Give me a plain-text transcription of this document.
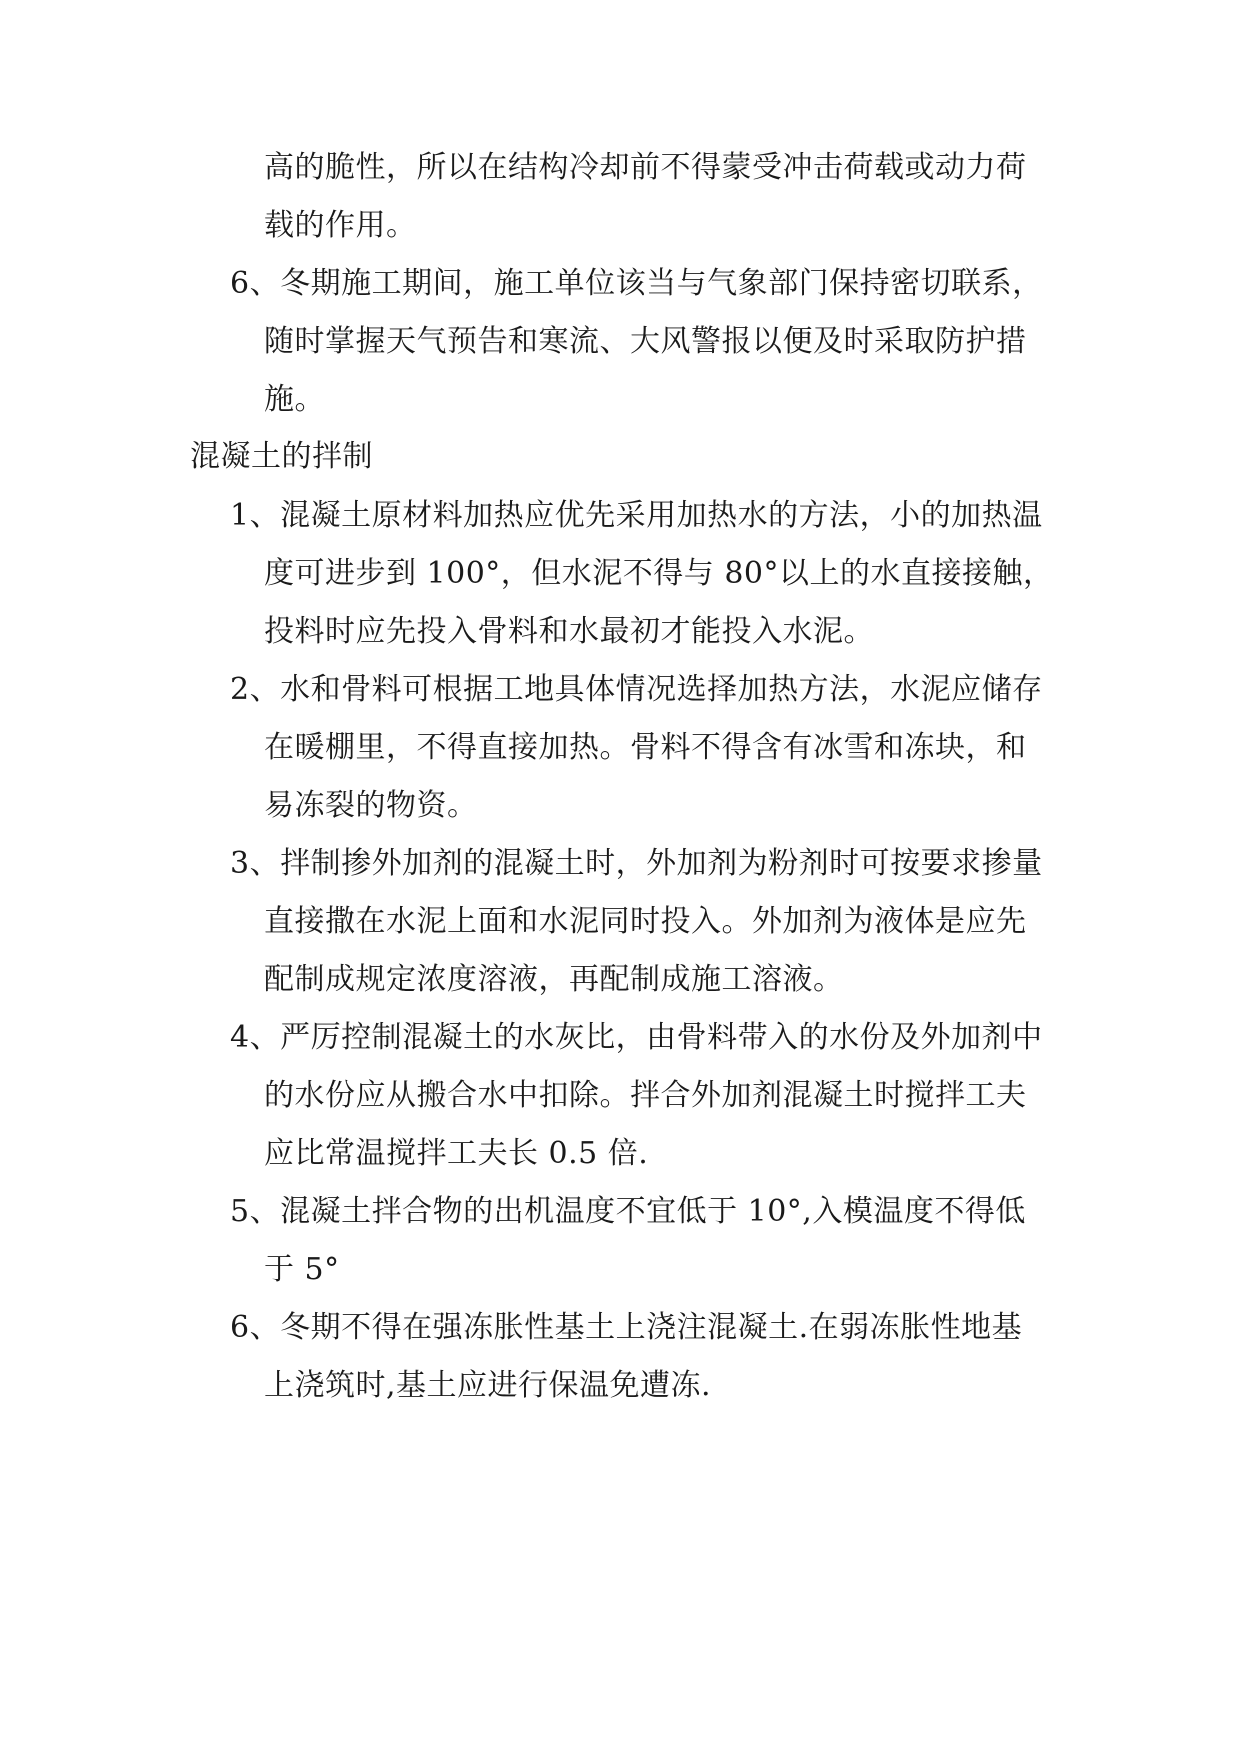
高的脆性，所以在结构冷却前不得蒙受冲击荷载或动力荷
载的作用。
6、冬期施工期间，施工单位该当与气象部门保持密切联系，
随时掌握天气预告和寒流、大风警报以便及时采取防护措
施。
混凝土的拌制
1、混凝土原材料加热应优先采用加热水的方法，小的加热温
度可进步到 100°，但水泥不得与 80°以上的水直接接触，
投料时应先投入骨料和水最初才能投入水泥。
2、水和骨料可根据工地具体情况选择加热方法，水泥应储存
在暖棚里，不得直接加热。骨料不得含有冰雪和冻块，和
易冻裂的物资。
3、拌制掺外加剂的混凝土时，外加剂为粉剂时可按要求掺量
直接撒在水泥上面和水泥同时投入。外加剂为液体是应先
配制成规定浓度溶液，再配制成施工溶液。
4、严厉控制混凝土的水灰比，由骨料带入的水份及外加剂中
的水份应从搬合水中扣除。拌合外加剂混凝土时搅拌工夫
应比常温搅拌工夫长 0.5 倍.
5、混凝土拌合物的出机温度不宜低于 10°,入模温度不得低
于 5°
6、冬期不得在强冻胀性基土上浇注混凝土.在弱冻胀性地基
上浇筑时,基土应进行保温免遭冻.
